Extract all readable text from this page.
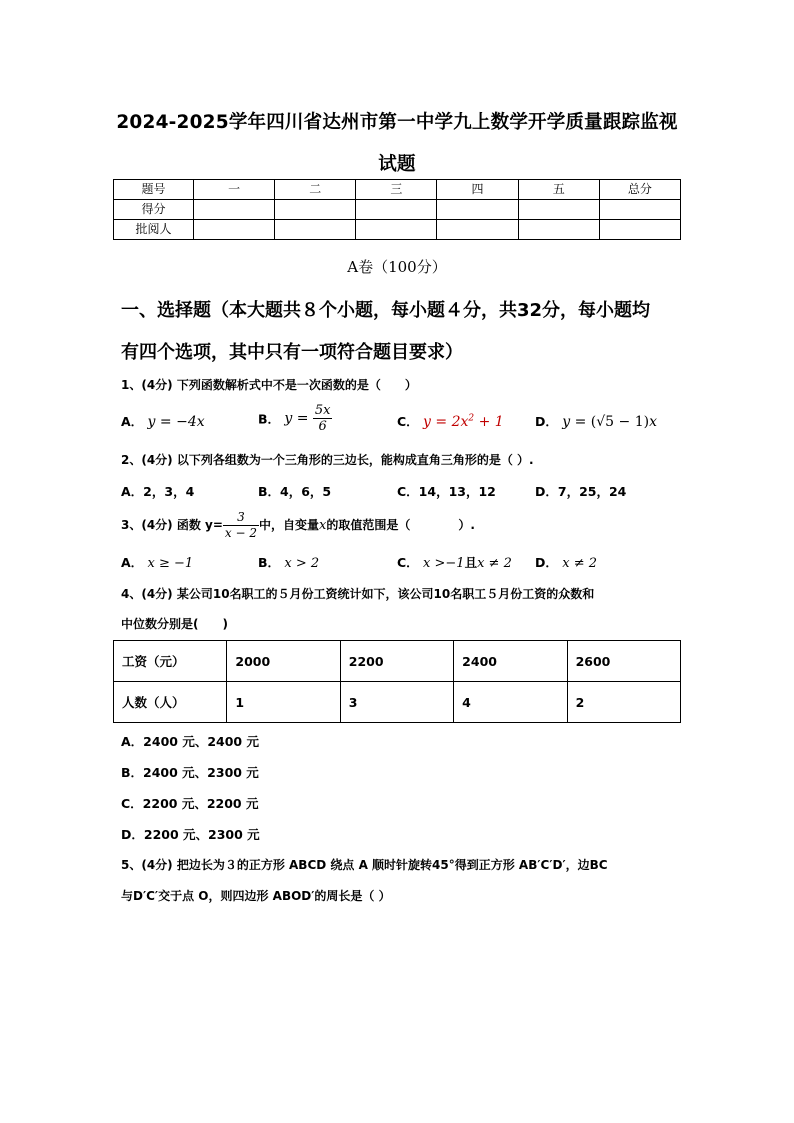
2024-2025学年四川省达州市第一中学九上数学开学质量跟踪监视
试题
题号	一	二	三	四	五	总分
得分						
批阅人						
A卷（100分）
一、选择题（本大题共８个小题，每小题４分，共32分，每小题均
有四个选项，其中只有一项符合题目要求）
1、(4分) 下列函数解析式中不是一次函数的是（　　）
A． y = −4x	B． $y = \frac{5x}{6}$	C． $y = 2x^2 + 1$	D． y = (√5 − 1)x
2、(4分) 以下列各组数为一个三角形的三边长，能构成直角三角形的是（ ）.
A．2，3，4	B．4，6，5	C．14，13，12	D．7，25，24
3、(4分) 函数 $y= \frac{3}{x - 2}$ 中，自变量x的取值范围是（　　　　）.
A． x ≥ −1	B． x > 2	C． x >−1且x ≠ 2 D． x ≠ 2
4、(4分) 某公司10名职工的５月份工资统计如下，该公司10名职工５月份工资的众数和
中位数分别是(　　)
工资（元）	2000	2200	2400	2600
人数（人）	1	3	4	2
A．2400 元、2400 元
B．2400 元、2300 元
C．2200 元、2200 元
D．2200 元、2300 元
5、(4分) 把边长为３的正方形 ABCD 绕点 A 顺时针旋转45°得到正方形 AB′C′D′，边BC
与D′C′交于点 O，则四边形 ABOD′的周长是（ ）
